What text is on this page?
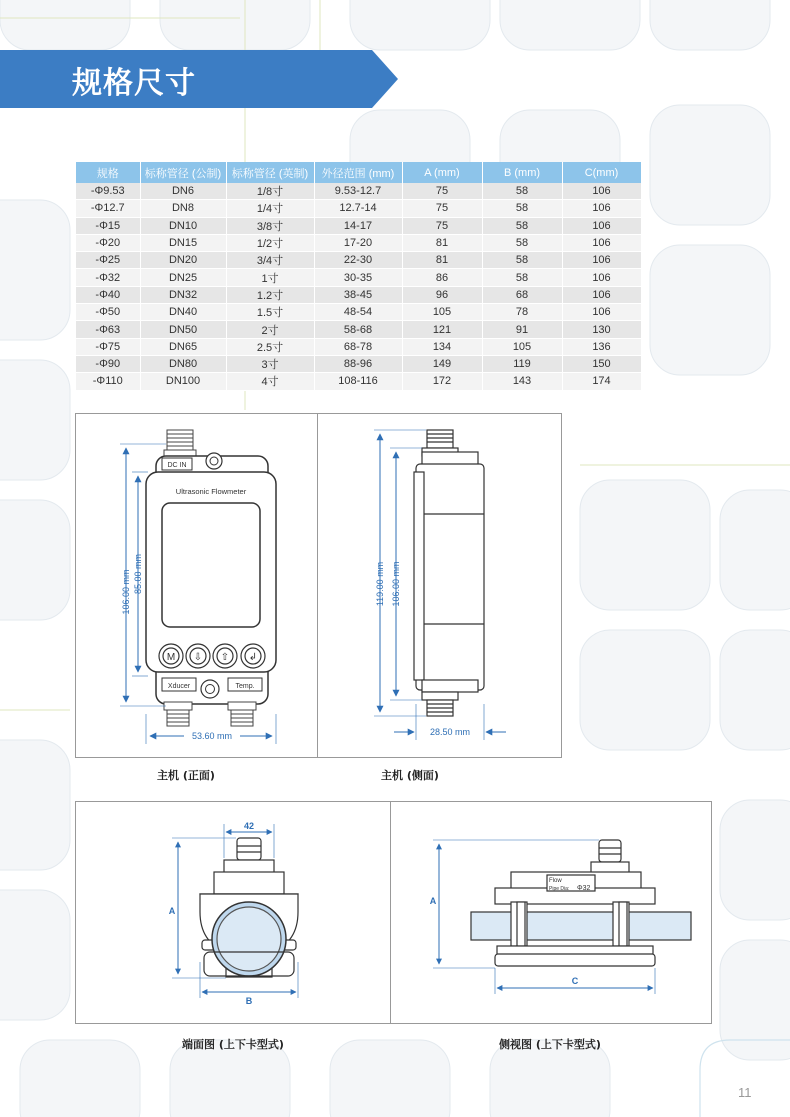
规格尺寸
规格	标称管径 (公制)	标称管径 (英制)	外径范围 (mm)	A (mm)	B (mm)	C(mm)
-Φ9.53	DN6	1/8寸	9.53-12.7	75	58	106
-Φ12.7	DN8	1/4寸	12.7-14	75	58	106
-Φ15	DN10	3/8寸	14-17	75	58	106
-Φ20	DN15	1/2寸	17-20	81	58	106
-Φ25	DN20	3/4寸	22-30	81	58	106
-Φ32	DN25	1寸	30-35	86	58	106
-Φ40	DN32	1.2寸	38-45	96	68	106
-Φ50	DN40	1.5寸	48-54	105	78	106
-Φ63	DN50	2寸	58-68	121	91	130
-Φ75	DN65	2.5寸	68-78	134	105	136
-Φ90	DN80	3寸	88-96	149	119	150
-Φ110	DN100	4寸	108-116	172	143	174
DC IN
Ultrasonic Flowmeter
M ⇩ ⇧ ↲
Xducer	Temp.
106.00 mm 85.00 mm
53.60 mm
119.00 mm 106.00 mm
28.50 mm
主机 (正面)	主机 (侧面)
42
A
B
Flow
Pipe Dia: Φ32
A
C
端面图 (上下卡型式)	侧视图 (上下卡型式)
11
